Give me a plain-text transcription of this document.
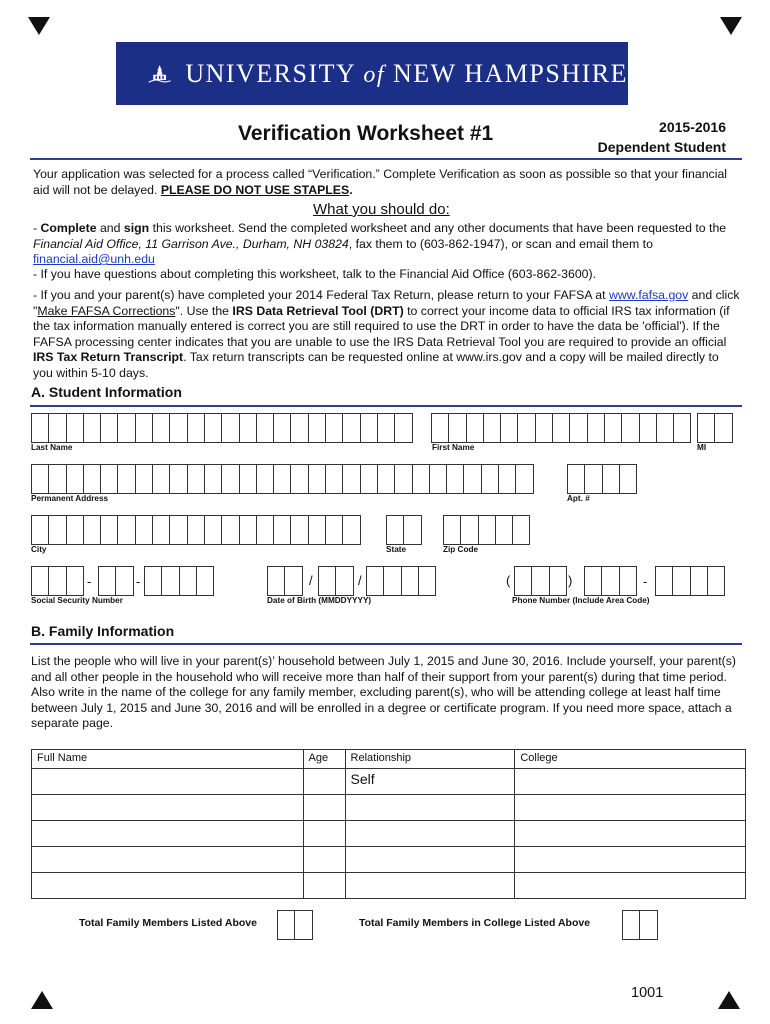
UNIVERSITY of NEW HAMPSHIRE
Verification Worksheet #1	2015-2016
Dependent Student
Your application was selected for a process called “Verification.” Complete Verification as soon as possible so that your financial aid will not be delayed. PLEASE DO NOT USE STAPLES.
What you should do:
- Complete and sign this worksheet. Send the completed worksheet and any other documents that have been requested to the Financial Aid Office, 11 Garrison Ave., Durham, NH 03824, fax them to (603-862-1947), or scan and email them to financial.aid@unh.edu
- If you have questions about completing this worksheet, talk to the Financial Aid Office (603-862-3600).
- If you and your parent(s) have completed your 2014 Federal Tax Return, please return to your FAFSA at www.fafsa.gov and click "Make FAFSA Corrections". Use the IRS Data Retrieval Tool (DRT) to correct your income data to official IRS tax information (if the tax information manually entered is correct you are still required to use the DRT in order to have the data be 'official'). If the FAFSA processing center indicates that you are unable to use the IRS Data Retrieval Tool you are required to provide an official IRS Tax Return Transcript. Tax return transcripts can be requested online at www.irs.gov and a copy will be mailed directly to you within 5-10 days.
A. Student Information
Last Name	First Name	MI
Permanent Address	Apt. #
City	State	Zip Code
-	-
Social Security Number
/	/
Date of Birth (MMDDYYYY)
(	)	-
Phone Number (Include Area Code)
B. Family Information
List the people who will live in your parent(s)’ household between July 1, 2015 and June 30, 2016. Include yourself, your parent(s) and all other people in the household who will receive more than half of their support from your parent(s) during that time period. Also write in the name of the college for any family member, excluding parent(s), who will be attending college at least half time between July 1, 2015 and June 30, 2016 and will be enrolled in a degree or certificate program. If you need more space, attach a separate page.
Full Name	Age	Relationship	College
		Self	

Total Family Members Listed Above	Total Family Members in College Listed Above
1001
